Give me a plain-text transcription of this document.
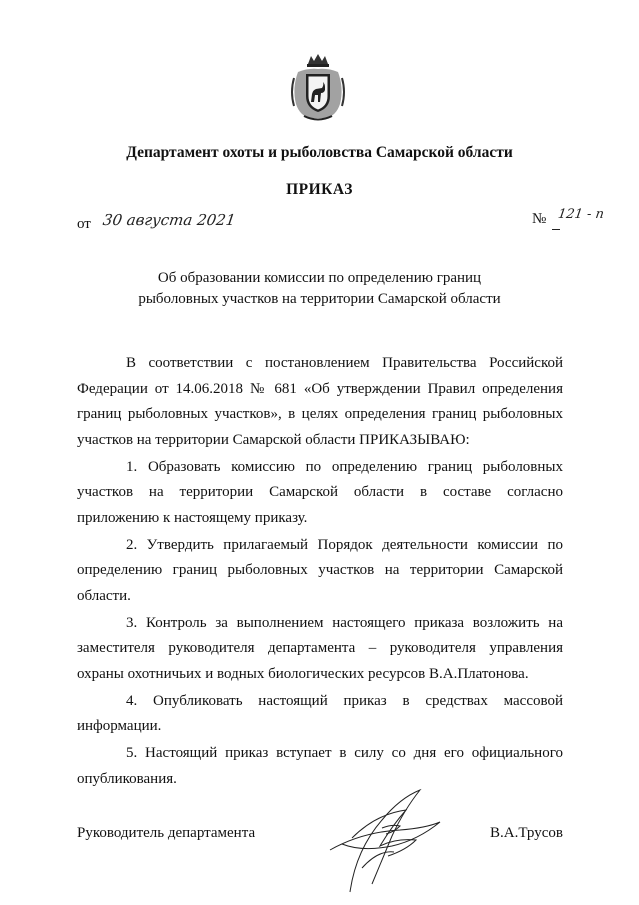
Департамент охоты и рыболовства Самарской области
ПРИКАЗ
от 30 августа 2021	№ 121 - п
Об образовании комиссии по определению границ
рыболовных участков на территории Самарской области

В соответствии с постановлением Правительства Российской Федерации от 14.06.2018 № 681 «Об утверждении Правил определения границ рыболовных участков», в целях определения границ рыболовных участков на территории Самарской области ПРИКАЗЫВАЮ:

1. Образовать комиссию по определению границ рыболовных участков на территории Самарской области в составе согласно приложению к настоящему приказу.

2. Утвердить прилагаемый Порядок деятельности комиссии по определению границ рыболовных участков на территории Самарской области.

3. Контроль за выполнением настоящего приказа возложить на заместителя руководителя департамента – руководителя управления охраны охотничьих и водных биологических ресурсов В.А.Платонова.

4. Опубликовать настоящий приказ в средствах массовой информации.

5. Настоящий приказ вступает в силу со дня его официального опубликования.

Руководитель департамента	В.А.Трусов
